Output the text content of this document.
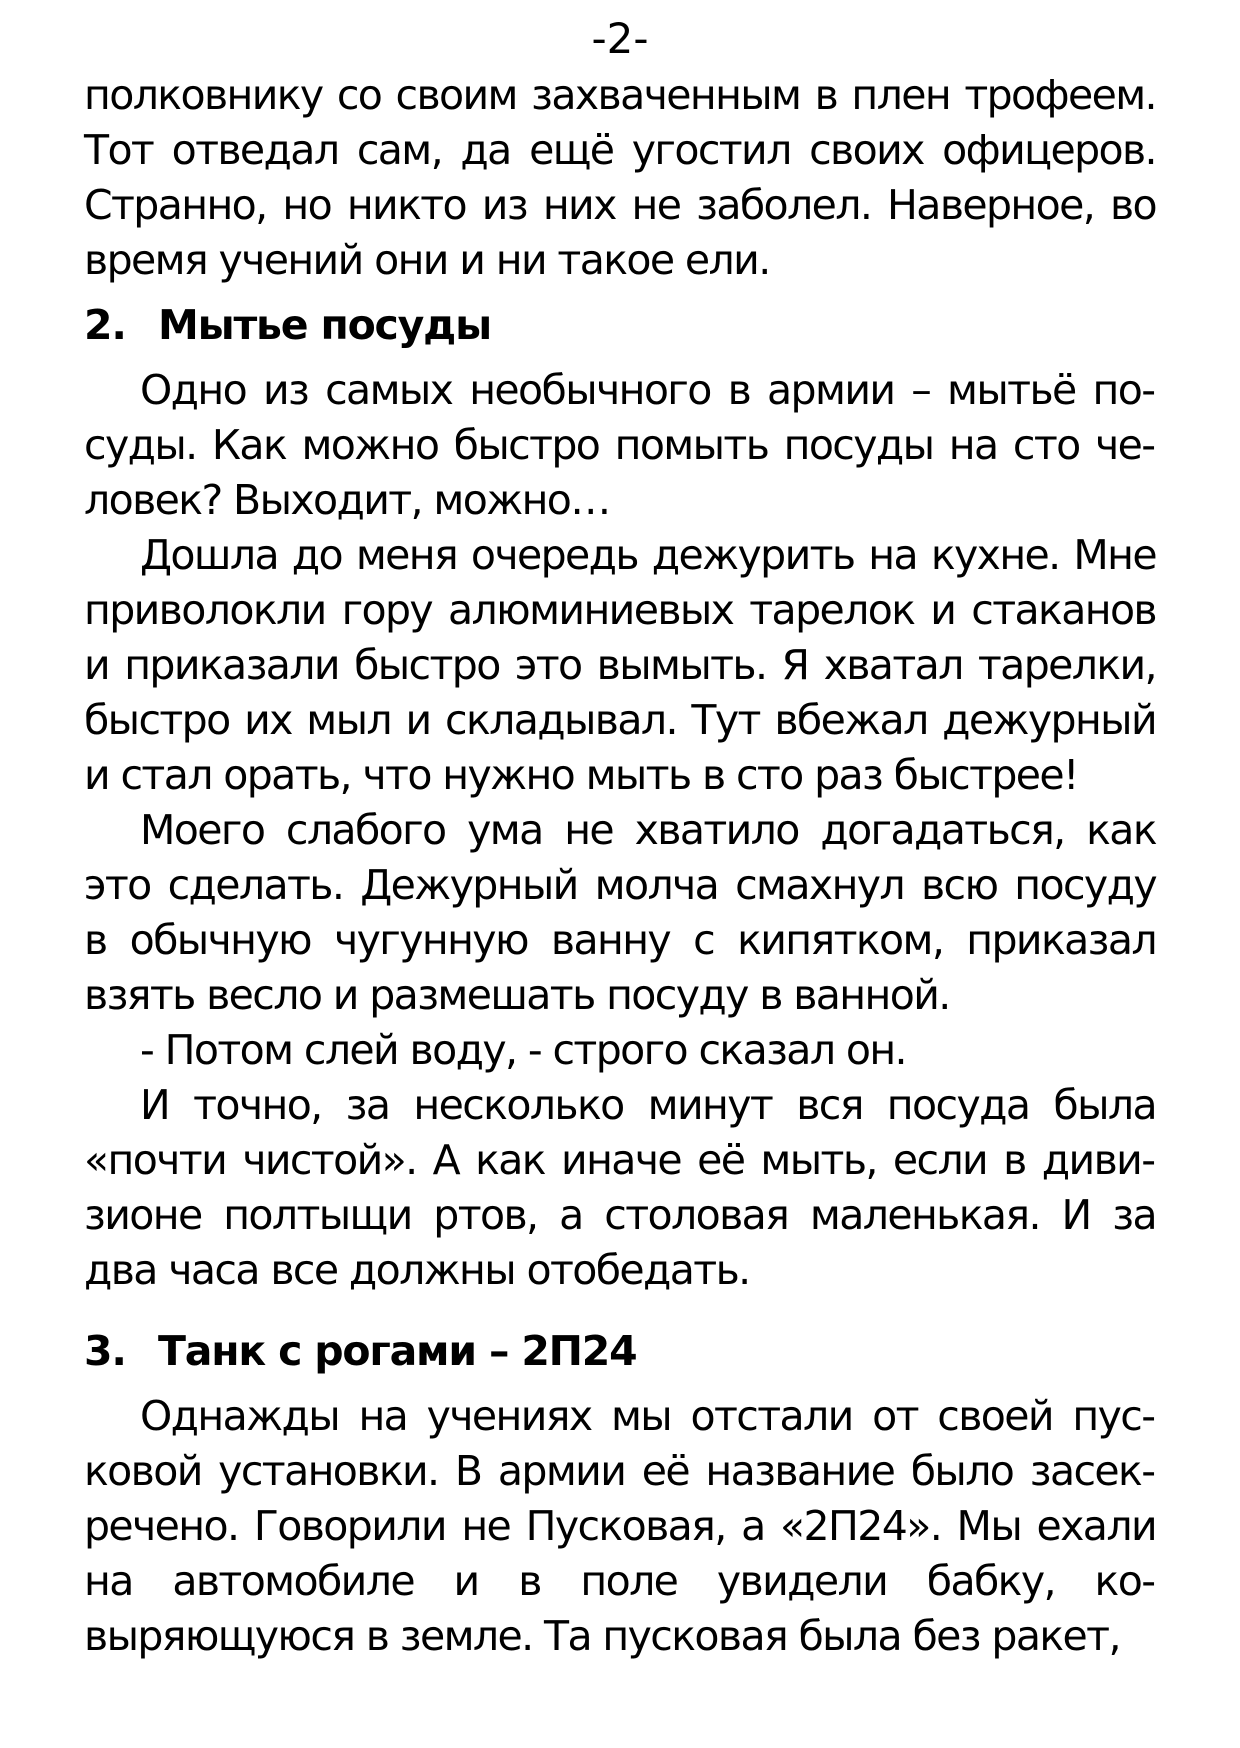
-2-

полковнику со своим захваченным в плен трофеем. Тот отведал сам, да ещё угостил своих офицеров. Странно, но никто из них не заболел. Наверное, во время учений они и ни такое ели.

2. Мытье посуды

Одно из самых необычного в армии – мытьё посуды. Как можно быстро помыть посуды на сто человек? Выходит, можно…

Дошла до меня очередь дежурить на кухне. Мне приволокли гору алюминиевых тарелок и стаканов и приказали быстро это вымыть. Я хватал тарелки, быстро их мыл и складывал. Тут вбежал дежурный и стал орать, что нужно мыть в сто раз быстрее!

Моего слабого ума не хватило догадаться, как это сделать. Дежурный молча смахнул всю посуду в обычную чугунную ванну с кипятком, приказал взять весло и размешать посуду в ванной.

- Потом слей воду, - строго сказал он.

И точно, за несколько минут вся посуда была «почти чистой». А как иначе её мыть, если в дивизионе полтыщи ртов, а столовая маленькая. И за два часа все должны отобедать.

3. Танк с рогами – 2П24

Однажды на учениях мы отстали от своей пусковой установки. В армии её название было засекречено. Говорили не Пусковая, а «2П24». Мы ехали на автомобиле и в поле увидели бабку, ковыряющуюся в земле. Та пусковая была без ракет,
